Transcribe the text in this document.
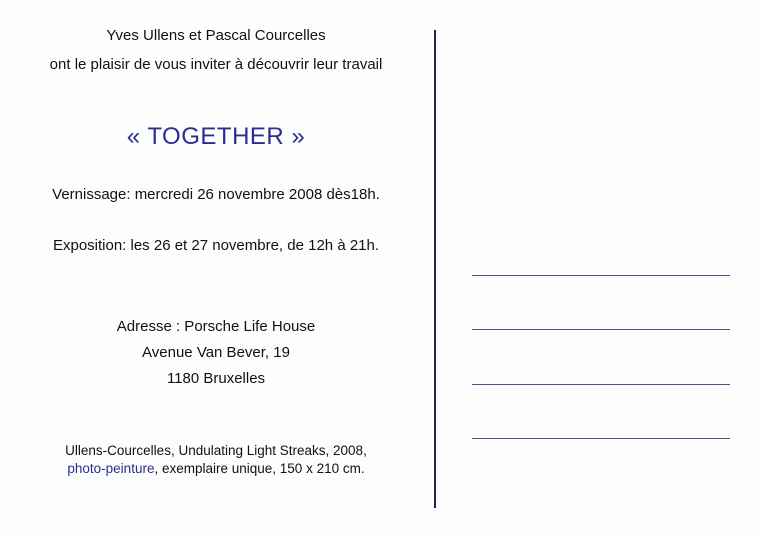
Yves Ullens et Pascal Courcelles
ont le plaisir de vous inviter à découvrir leur travail
« TOGETHER »
Vernissage: mercredi 26 novembre 2008 dès18h.
Exposition: les 26 et 27 novembre, de 12h à 21h.
Adresse : Porsche Life House
Avenue Van Bever, 19
1180 Bruxelles
Ullens-Courcelles, Undulating Light Streaks, 2008,
photo-peinture, exemplaire unique, 150 x 210 cm.
